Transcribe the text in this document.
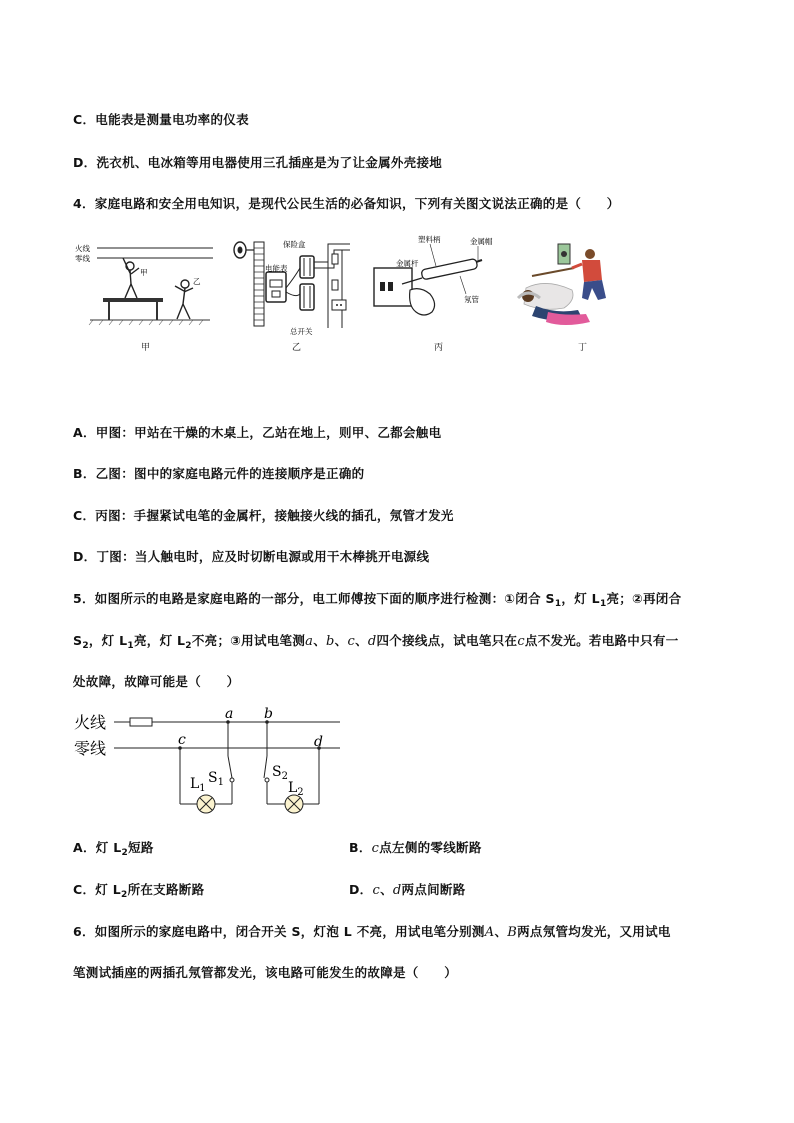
C．电能表是测量电功率的仪表
D．洗衣机、电冰箱等用电器使用三孔插座是为了让金属外壳接地
4．家庭电路和安全用电知识，是现代公民生活的必备知识，下列有关图文说法正确的是（　　）
火线
零线
甲
乙
甲
保险盒
电能表
总开关
乙
塑料柄	金属帽
金属杆
氖管
丙	丁
A．甲图：甲站在干燥的木桌上，乙站在地上，则甲、乙都会触电
B．乙图：图中的家庭电路元件的连接顺序是正确的
C．丙图：手握紧试电笔的金属杆，接触接火线的插孔，氖管才发光
D．丁图：当人触电时，应及时切断电源或用干木棒挑开电源线
5．如图所示的电路是家庭电路的一部分，电工师傅按下面的顺序进行检测：①闭合 $S_1$，灯 $L_1$亮；②再闭合
$S_2$，灯 $L_1$亮，灯 $L_2$不亮；③用试电笔测a、b、c、d四个接线点，试电笔只在c点不发光。若电路中只有一
处故障，故障可能是（　　）
火线
零线
a b
c	d
$L_1$
$S_1$
$S_2$
$L_2$
A．灯 $L_2$短路	B．c点左侧的零线断路
C．灯 $L_2$所在支路断路	D．c、d两点间断路
6．如图所示的家庭电路中，闭合开关 S，灯泡 L 不亮，用试电笔分别测A、B两点氖管均发光，又用试电
笔测试插座的两插孔氖管都发光，该电路可能发生的故障是（　　）
